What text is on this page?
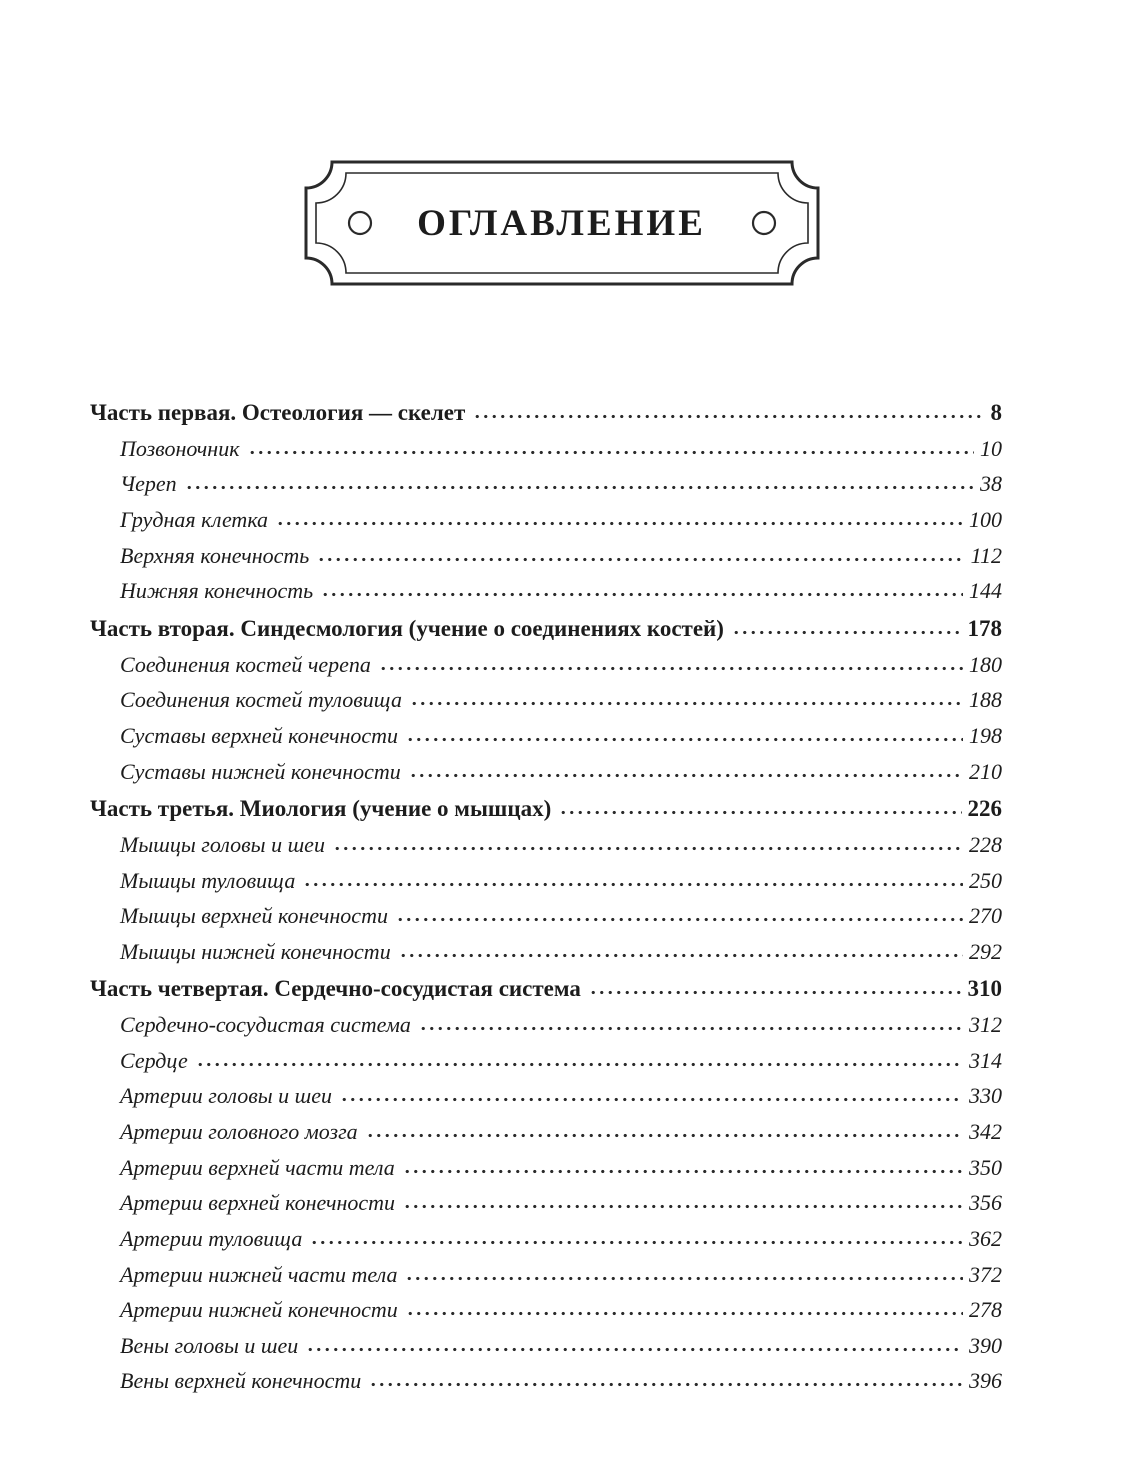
ОГЛАВЛЕНИЕ
Часть первая. Остеология — скелет	8
Позвоночник	10
Череп	38
Грудная клетка	100
Верхняя конечность	112
Нижняя конечность	144
Часть вторая. Синдесмология (учение о соединениях костей)	178
Соединения костей черепа	180
Соединения костей туловища	188
Суставы верхней конечности	198
Суставы нижней конечности	210
Часть третья. Миология (учение о мышцах)	226
Мышцы головы и шеи	228
Мышцы туловища	250
Мышцы верхней конечности	270
Мышцы нижней конечности	292
Часть четвертая. Сердечно-сосудистая система	310
Сердечно-сосудистая система	312
Сердце	314
Артерии головы и шеи	330
Артерии головного мозга	342
Артерии верхней части тела	350
Артерии верхней конечности	356
Артерии туловища	362
Артерии нижней части тела	372
Артерии нижней конечности	278
Вены головы и шеи	390
Вены верхней конечности	396
